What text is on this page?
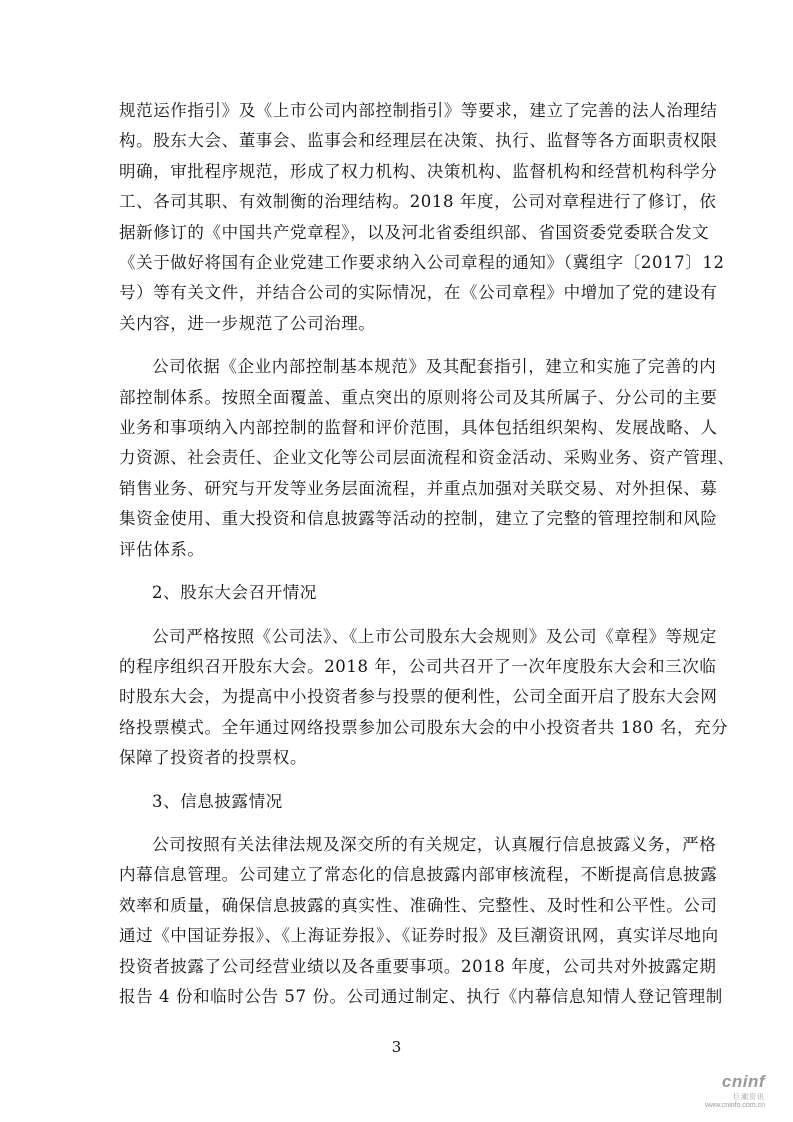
规范运作指引》及《上市公司内部控制指引》等要求，建立了完善的法人治理结
构。股东大会、董事会、监事会和经理层在决策、执行、监督等各方面职责权限
明确，审批程序规范，形成了权力机构、决策机构、监督机构和经营机构科学分
工、各司其职、有效制衡的治理结构。2018 年度，公司对章程进行了修订，依
据新修订的《中国共产党章程》，以及河北省委组织部、省国资委党委联合发文
《关于做好将国有企业党建工作要求纳入公司章程的通知》（冀组字〔2017〕12
号）等有关文件，并结合公司的实际情况，在《公司章程》中增加了党的建设有
关内容，进一步规范了公司治理。
公司依据《企业内部控制基本规范》及其配套指引，建立和实施了完善的内
部控制体系。按照全面覆盖、重点突出的原则将公司及其所属子、分公司的主要
业务和事项纳入内部控制的监督和评价范围，具体包括组织架构、发展战略、人
力资源、社会责任、企业文化等公司层面流程和资金活动、采购业务、资产管理、
销售业务、研究与开发等业务层面流程，并重点加强对关联交易、对外担保、募
集资金使用、重大投资和信息披露等活动的控制，建立了完整的管理控制和风险
评估体系。
2、股东大会召开情况
公司严格按照《公司法》、《上市公司股东大会规则》及公司《章程》等规定
的程序组织召开股东大会。2018 年，公司共召开了一次年度股东大会和三次临
时股东大会，为提高中小投资者参与投票的便利性，公司全面开启了股东大会网
络投票模式。全年通过网络投票参加公司股东大会的中小投资者共 180 名，充分
保障了投资者的投票权。
3、信息披露情况
公司按照有关法律法规及深交所的有关规定，认真履行信息披露义务，严格
内幕信息管理。公司建立了常态化的信息披露内部审核流程，不断提高信息披露
效率和质量，确保信息披露的真实性、准确性、完整性、及时性和公平性。公司
通过《中国证券报》、《上海证券报》、《证券时报》及巨潮资讯网，真实详尽地向
投资者披露了公司经营业绩以及各重要事项。2018 年度，公司共对外披露定期
报告 4 份和临时公告 57 份。公司通过制定、执行《内幕信息知情人登记管理制
3
cninf
巨潮资讯
www.cninfo.com.cn
